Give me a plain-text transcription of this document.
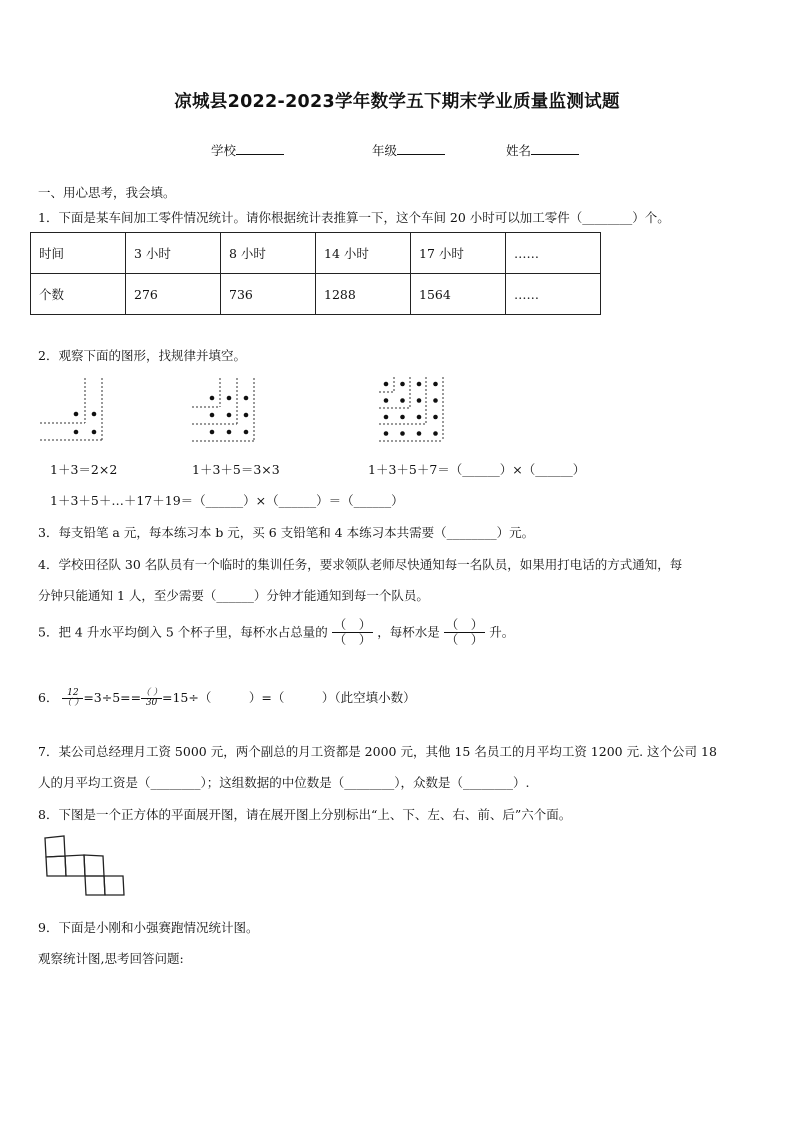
凉城县2022-2023学年数学五下期末学业质量监测试题
学校	年级	姓名
一、用心思考，我会填。
1．下面是某车间加工零件情况统计。请你根据统计表推算一下，这个车间 20 小时可以加工零件（________）个。
时间	3 小时	8 小时	14 小时	17 小时	……
个数	276	736	1288	1564	……
2．观察下面的图形，找规律并填空。
1＋3＝2×2	1＋3＋5＝3×3	1＋3＋5＋7＝（______）×（______）
1＋3＋5＋…＋17＋19＝（______）×（______）＝（______）
3．每支铅笔 a 元，每本练习本 b 元，买 6 支铅笔和 4 本练习本共需要（________）元。
4．学校田径队 30 名队员有一个临时的集训任务，要求领队老师尽快通知每一名队员，如果用打电话的方式通知，每
分钟只能通知 1 人，至少需要（______）分钟才能通知到每一个队员。
5．把 4 升水平均倒入 5 个杯子里，每杯水占总量的 $\frac{( )}{( )}$ ，每杯水是 $\frac{( )}{( )}$ 升。
6． 12
（ ） =3÷5==（ ）
30 =15÷（　　　）=（　　　）（此空填小数）
7．某公司总经理月工资 5000 元，两个副总的月工资都是 2000 元，其他 15 名员工的月平均工资 1200 元. 这个公司 18
人的月平均工资是（________）；这组数据的中位数是（________），众数是（________）.
8．下图是一个正方体的平面展开图，请在展开图上分别标出“上、下、左、右、前、后”六个面。
9．下面是小刚和小强赛跑情况统计图。
观察统计图,思考回答问题:
